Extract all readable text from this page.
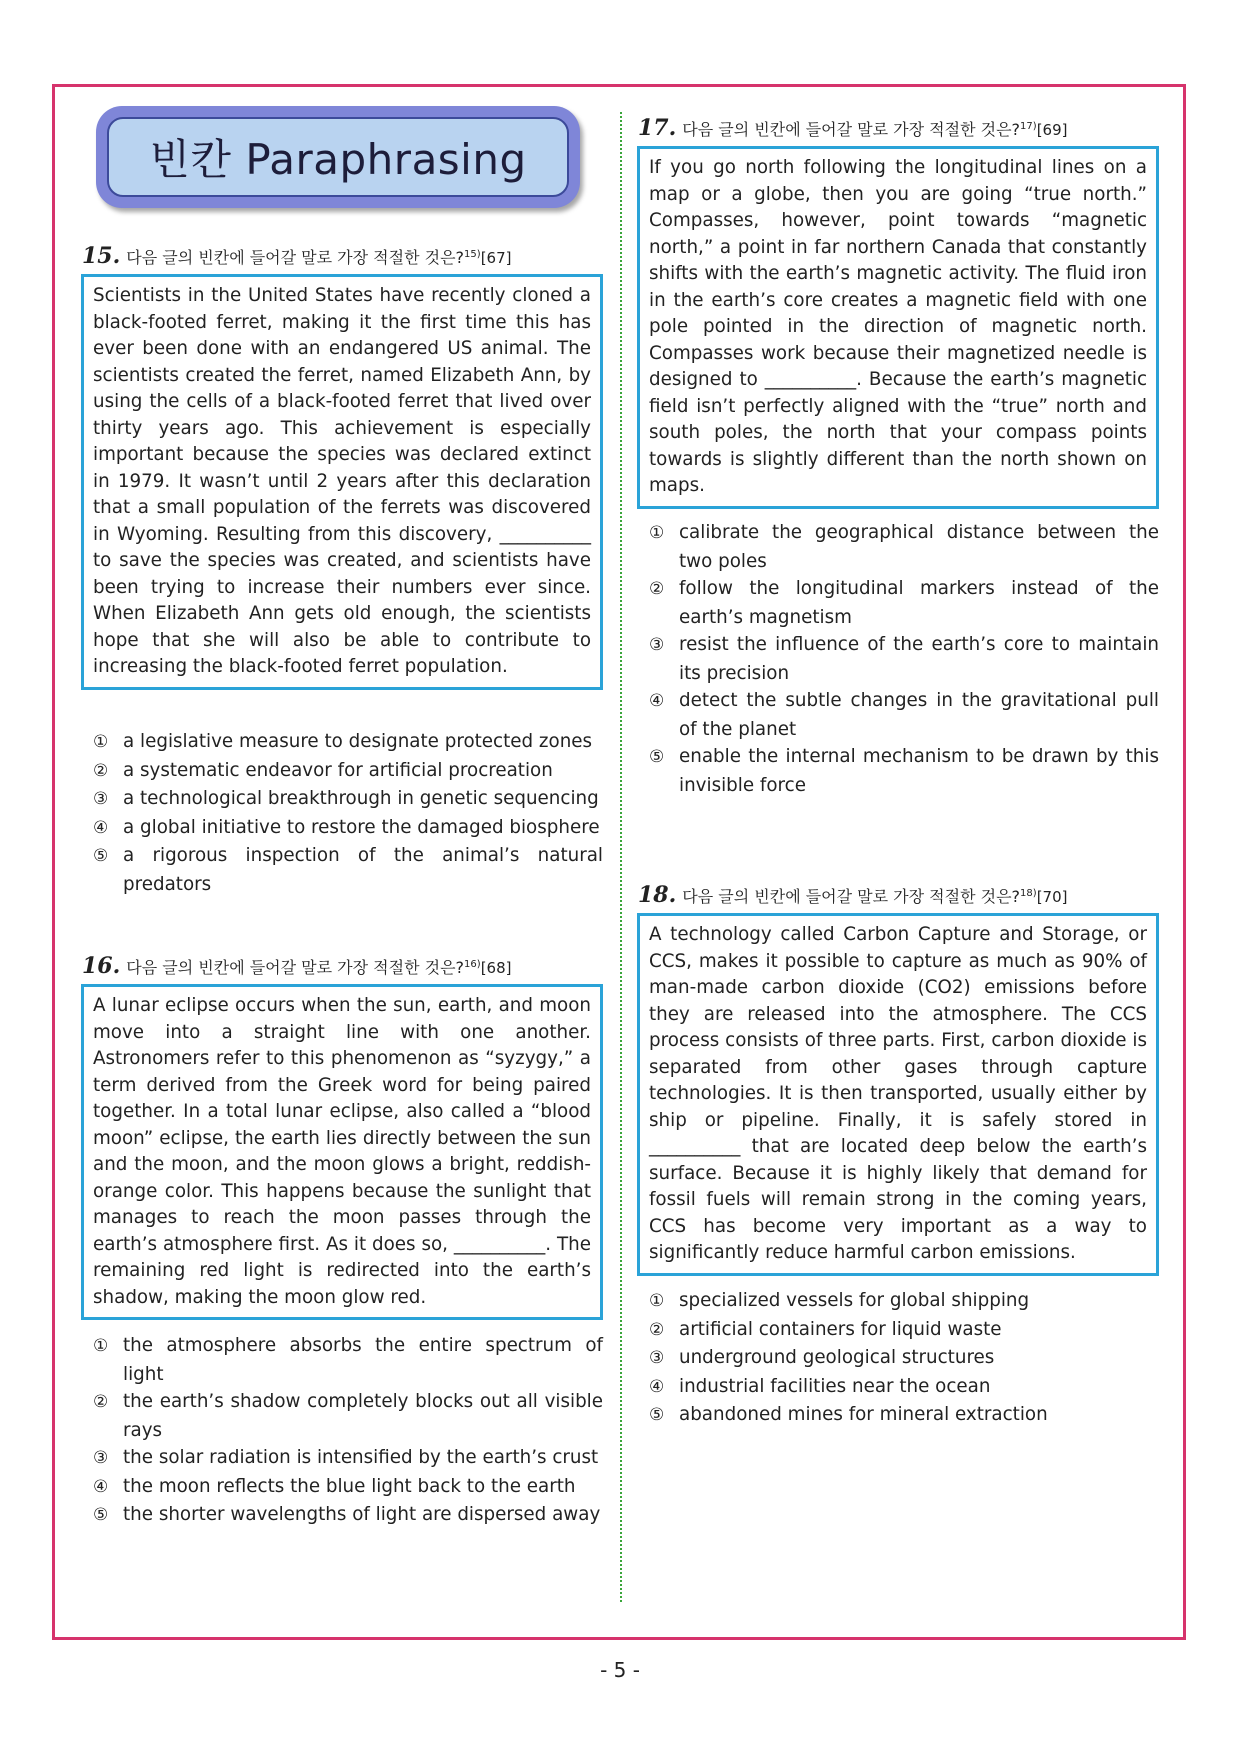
빈칸 Paraphrasing
15. 다음 글의 빈칸에 들어갈 말로 가장 적절한 것은?$^{15)}$[67]
Scientists in the United States have recently cloned a black-footed ferret, making it the first time this has ever been done with an endangered US animal. The scientists created the ferret, named Elizabeth Ann, by using the cells of a black-footed ferret that lived over thirty years ago. This achievement is especially important because the species was declared extinct in 1979. It wasn’t until 2 years after this declaration that a small population of the ferrets was discovered in Wyoming. Resulting from this discovery, __________ to save the species was created, and scientists have been trying to increase their numbers ever since. When Elizabeth Ann gets old enough, the scientists hope that she will also be able to contribute to increasing the black-footed ferret population.
① a legislative measure to designate protected zones
② a systematic endeavor for artificial procreation
③ a technological breakthrough in genetic sequencing
④ a global initiative to restore the damaged biosphere
⑤ a rigorous inspection of the animal’s natural predators
16. 다음 글의 빈칸에 들어갈 말로 가장 적절한 것은?$^{16)}$[68]
A lunar eclipse occurs when the sun, earth, and moon move into a straight line with one another. Astronomers refer to this phenomenon as “syzygy,” a term derived from the Greek word for being paired together. In a total lunar eclipse, also called a “blood moon” eclipse, the earth lies directly between the sun and the moon, and the moon glows a bright, reddish-orange color. This happens because the sunlight that manages to reach the moon passes through the earth’s atmosphere first. As it does so, __________. The remaining red light is redirected into the earth’s shadow, making the moon glow red.
① the atmosphere absorbs the entire spectrum of light
② the earth’s shadow completely blocks out all visible rays
③ the solar radiation is intensified by the earth’s crust
④ the moon reflects the blue light back to the earth
⑤ the shorter wavelengths of light are dispersed away
17. 다음 글의 빈칸에 들어갈 말로 가장 적절한 것은?$^{17)}$[69]
If you go north following the longitudinal lines on a map or a globe, then you are going “true north.” Compasses, however, point towards “magnetic north,” a point in far northern Canada that constantly shifts with the earth’s magnetic activity. The fluid iron in the earth’s core creates a magnetic field with one pole pointed in the direction of magnetic north. Compasses work because their magnetized needle is designed to __________. Because the earth’s magnetic field isn’t perfectly aligned with the “true” north and south poles, the north that your compass points towards is slightly different than the north shown on maps.
① calibrate the geographical distance between the two poles
② follow the longitudinal markers instead of the earth’s magnetism
③ resist the influence of the earth’s core to maintain its precision
④ detect the subtle changes in the gravitational pull of the planet
⑤ enable the internal mechanism to be drawn by this invisible force
18. 다음 글의 빈칸에 들어갈 말로 가장 적절한 것은?$^{18)}$[70]
A technology called Carbon Capture and Storage, or CCS, makes it possible to capture as much as 90% of man-made carbon dioxide (CO2) emissions before they are released into the atmosphere. The CCS process consists of three parts. First, carbon dioxide is separated from other gases through capture technologies. It is then transported, usually either by ship or pipeline. Finally, it is safely stored in __________ that are located deep below the earth’s surface. Because it is highly likely that demand for fossil fuels will remain strong in the coming years, CCS has become very important as a way to significantly reduce harmful carbon emissions.
① specialized vessels for global shipping
② artificial containers for liquid waste
③ underground geological structures
④ industrial facilities near the ocean
⑤ abandoned mines for mineral extraction
- 5 -
